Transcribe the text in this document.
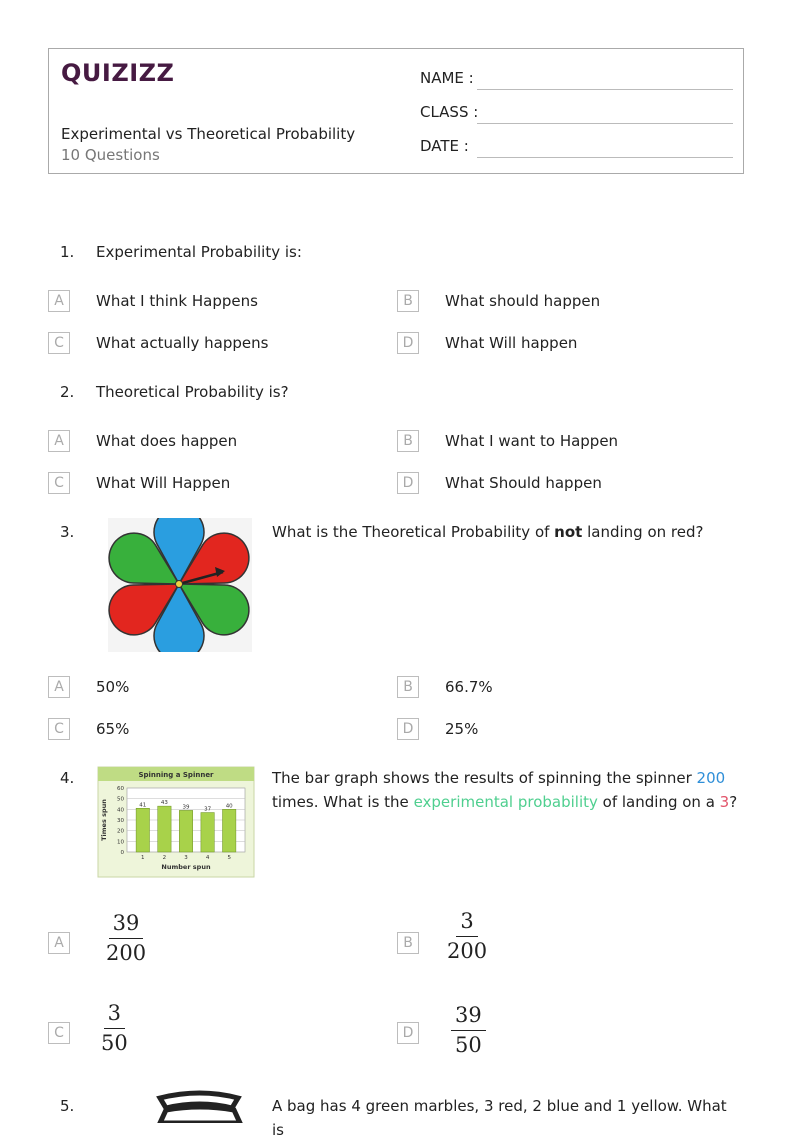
QUIZIZZ
Experimental vs Theoretical Probability
10 Questions
NAME :
CLASS :
DATE :
1. Experimental Probability is:
A	What I think Happens	B	What should happen
C	What actually happens	D	What Will happen
2. Theoretical Probability is?
A	What does happen	B	What I want to Happen
C	What Will Happen	D	What Should happen
3.	What is the Theoretical Probability of not landing on red?
A	50%	B	66.7%
C	65%	D	25%
4.	Spinning a Spinner
0
10
20
30
40
50
60
41
1
43
2
39
3
37
4
40
5
Times spun
Number spun
The bar graph shows the results of spinning the spinner 200 times. What is the experimental probability of landing on a 3?
A $\frac{39}{200}$	B $\frac{3}{200}$
C $\frac{3}{50}$	D $\frac{39}{50}$
5.	A bag has 4 green marbles, 3 red, 2 blue and 1 yellow. What is
